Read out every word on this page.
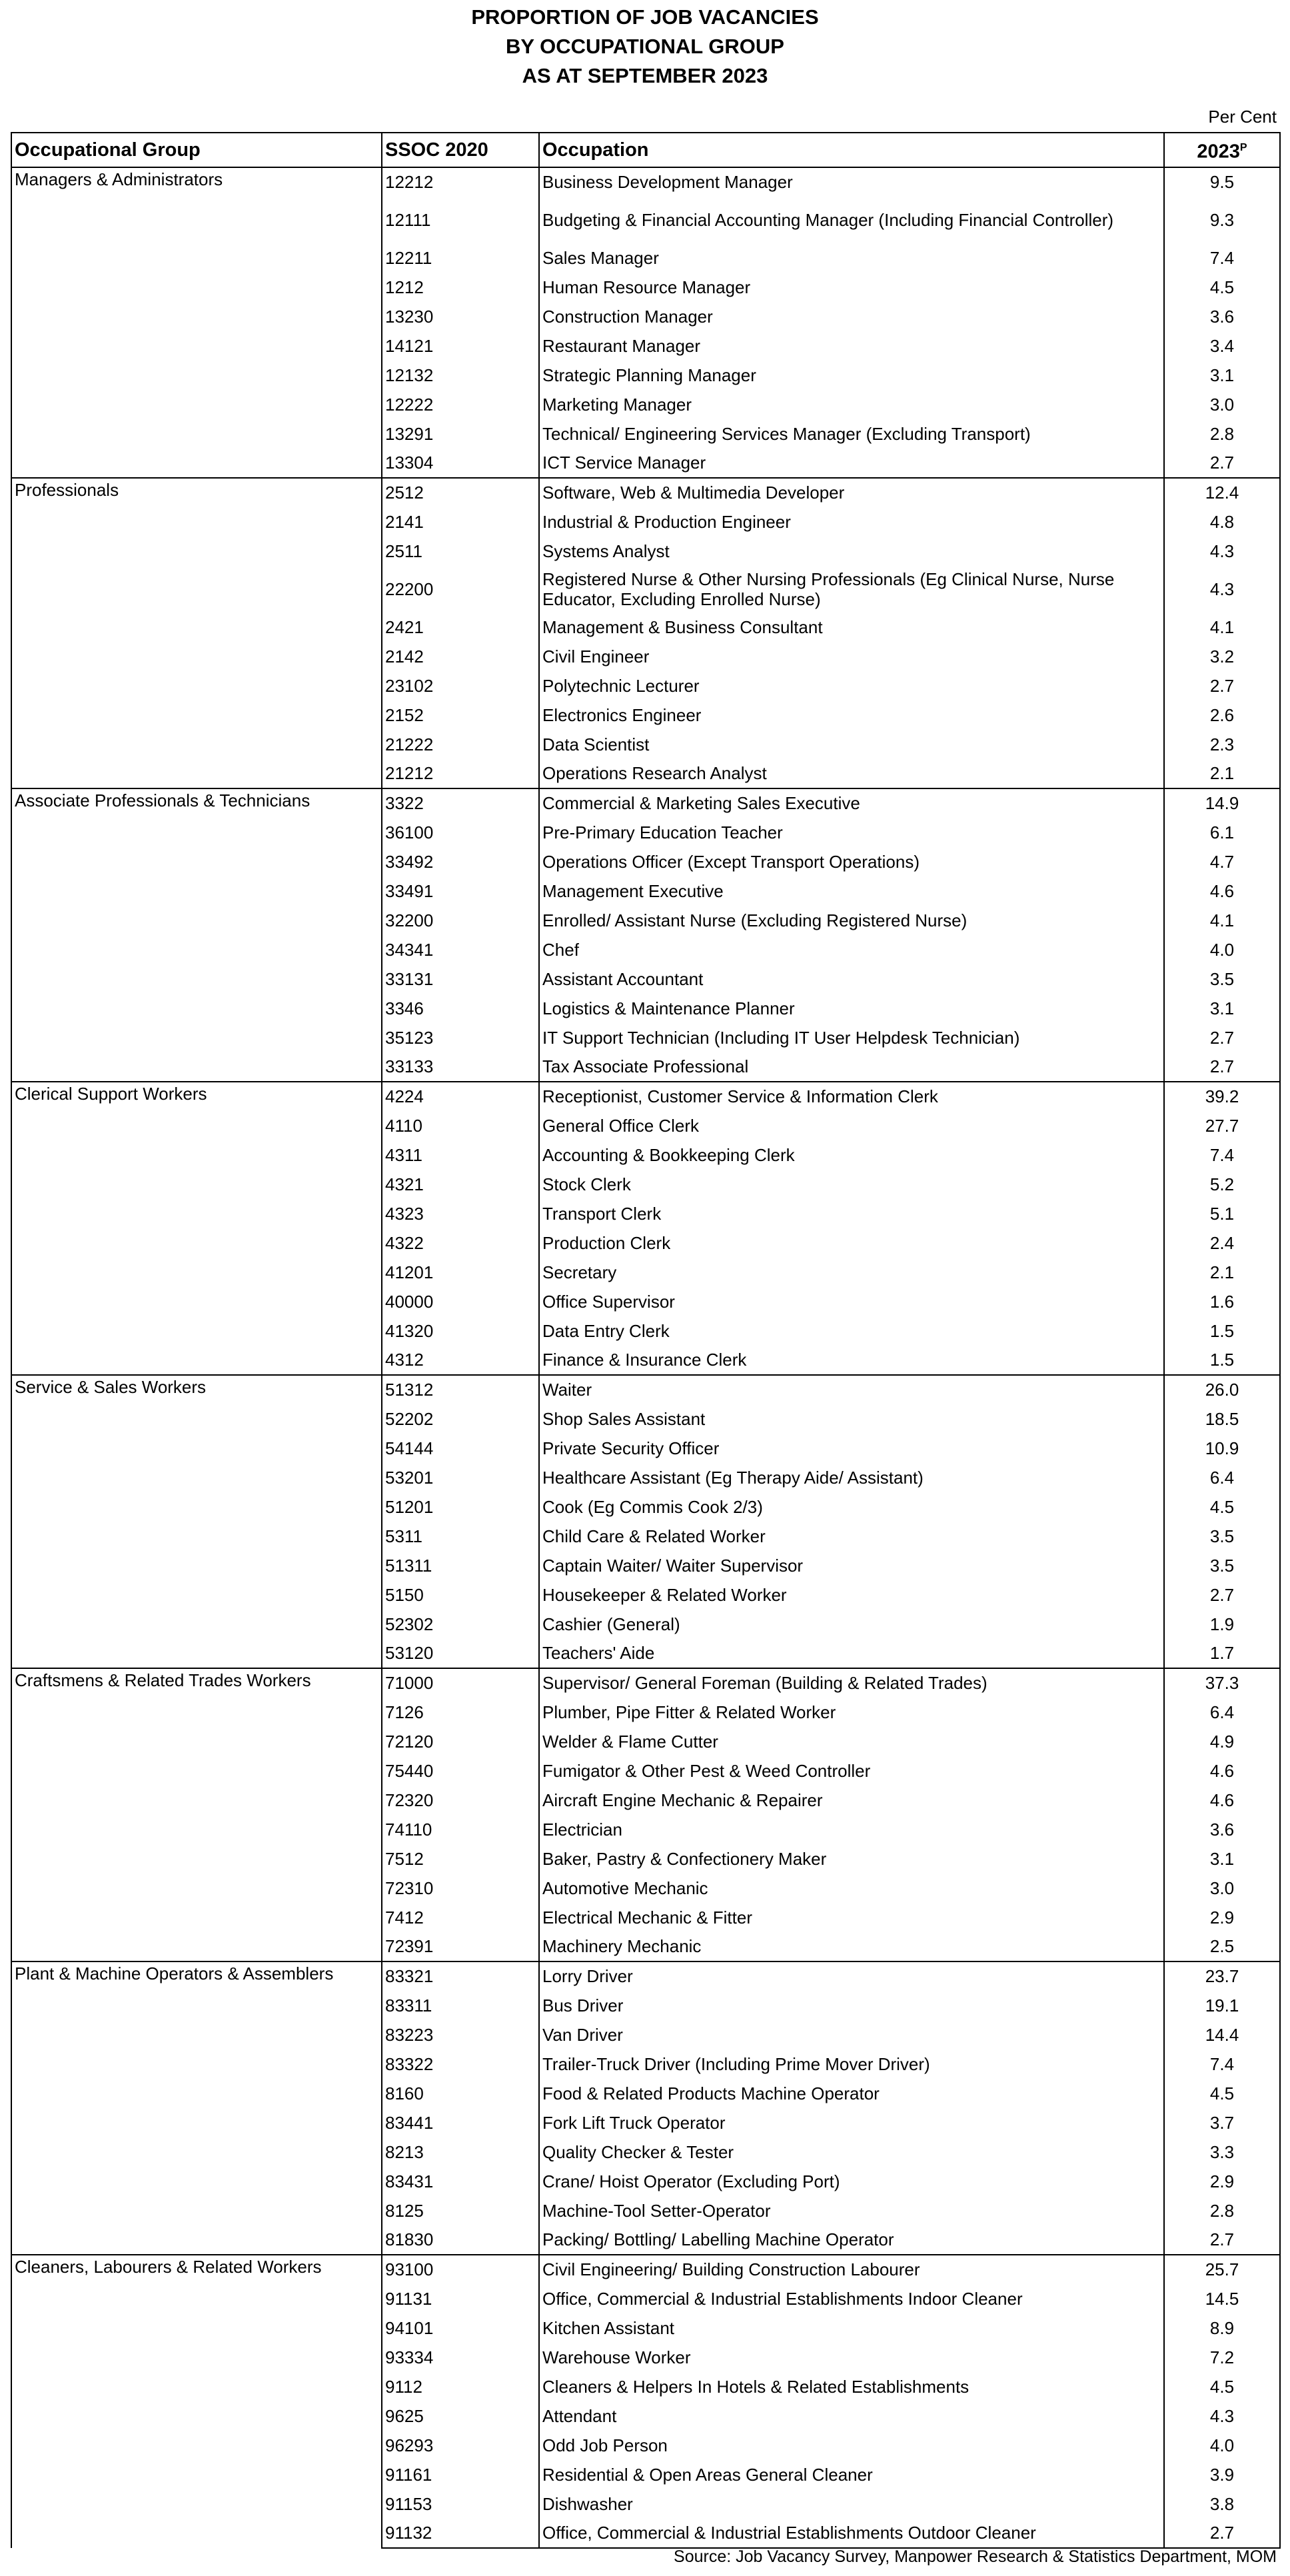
PROPORTION OF JOB VACANCIES
BY OCCUPATIONAL GROUP
AS AT SEPTEMBER 2023
Per Cent
Occupational Group	SSOC 2020	Occupation	$2023^P$
Managers & Administrators	12212	Business Development Manager	9.5
	12111	Budgeting & Financial Accounting Manager (Including Financial Controller)	9.3
	12211	Sales Manager	7.4
	1212	Human Resource Manager	4.5
	13230	Construction Manager	3.6
	14121	Restaurant Manager	3.4
	12132	Strategic Planning Manager	3.1
	12222	Marketing Manager	3.0
	13291	Technical/ Engineering Services Manager (Excluding Transport)	2.8
	13304	ICT Service Manager	2.7
Professionals	2512	Software, Web & Multimedia Developer	12.4
	2141	Industrial & Production Engineer	4.8
	2511	Systems Analyst	4.3
	22200	Registered Nurse & Other Nursing Professionals (Eg Clinical Nurse, Nurse Educator, Excluding Enrolled Nurse)	4.3
	2421	Management & Business Consultant	4.1
	2142	Civil Engineer	3.2
	23102	Polytechnic Lecturer	2.7
	2152	Electronics Engineer	2.6
	21222	Data Scientist	2.3
	21212	Operations Research Analyst	2.1
Associate Professionals & Technicians	3322	Commercial & Marketing Sales Executive	14.9
	36100	Pre-Primary Education Teacher	6.1
	33492	Operations Officer (Except Transport Operations)	4.7
	33491	Management Executive	4.6
	32200	Enrolled/ Assistant Nurse (Excluding Registered Nurse)	4.1
	34341	Chef	4.0
	33131	Assistant Accountant	3.5
	3346	Logistics & Maintenance Planner	3.1
	35123	IT Support Technician (Including IT User Helpdesk Technician)	2.7
	33133	Tax Associate Professional	2.7
Clerical Support Workers	4224	Receptionist, Customer Service & Information Clerk	39.2
	4110	General Office Clerk	27.7
	4311	Accounting & Bookkeeping Clerk	7.4
	4321	Stock Clerk	5.2
	4323	Transport Clerk	5.1
	4322	Production Clerk	2.4
	41201	Secretary	2.1
	40000	Office Supervisor	1.6
	41320	Data Entry Clerk	1.5
	4312	Finance & Insurance Clerk	1.5
Service & Sales Workers	51312	Waiter	26.0
	52202	Shop Sales Assistant	18.5
	54144	Private Security Officer	10.9
	53201	Healthcare Assistant (Eg Therapy Aide/ Assistant)	6.4
	51201	Cook (Eg Commis Cook 2/3)	4.5
	5311	Child Care & Related Worker	3.5
	51311	Captain Waiter/ Waiter Supervisor	3.5
	5150	Housekeeper & Related Worker	2.7
	52302	Cashier (General)	1.9
	53120	Teachers' Aide	1.7
Craftsmens & Related Trades Workers	71000	Supervisor/ General Foreman (Building & Related Trades)	37.3
	7126	Plumber, Pipe Fitter & Related Worker	6.4
	72120	Welder & Flame Cutter	4.9
	75440	Fumigator & Other Pest & Weed Controller	4.6
	72320	Aircraft Engine Mechanic & Repairer	4.6
	74110	Electrician	3.6
	7512	Baker, Pastry & Confectionery Maker	3.1
	72310	Automotive Mechanic	3.0
	7412	Electrical Mechanic & Fitter	2.9
	72391	Machinery Mechanic	2.5
Plant & Machine Operators & Assemblers	83321	Lorry Driver	23.7
	83311	Bus Driver	19.1
	83223	Van Driver	14.4
	83322	Trailer-Truck Driver (Including Prime Mover Driver)	7.4
	8160	Food & Related Products Machine Operator	4.5
	83441	Fork Lift Truck Operator	3.7
	8213	Quality Checker & Tester	3.3
	83431	Crane/ Hoist Operator (Excluding Port)	2.9
	8125	Machine-Tool Setter-Operator	2.8
	81830	Packing/ Bottling/ Labelling Machine Operator	2.7
Cleaners, Labourers & Related Workers	93100	Civil Engineering/ Building Construction Labourer	25.7
	91131	Office, Commercial & Industrial Establishments Indoor Cleaner	14.5
	94101	Kitchen Assistant	8.9
	93334	Warehouse Worker	7.2
	9112	Cleaners & Helpers In Hotels & Related Establishments	4.5
	9625	Attendant	4.3
	96293	Odd Job Person	4.0
	91161	Residential & Open Areas General Cleaner	3.9
	91153	Dishwasher	3.8
	91132	Office, Commercial & Industrial Establishments Outdoor Cleaner	2.7
Source: Job Vacancy Survey, Manpower Research & Statistics Department, MOM
